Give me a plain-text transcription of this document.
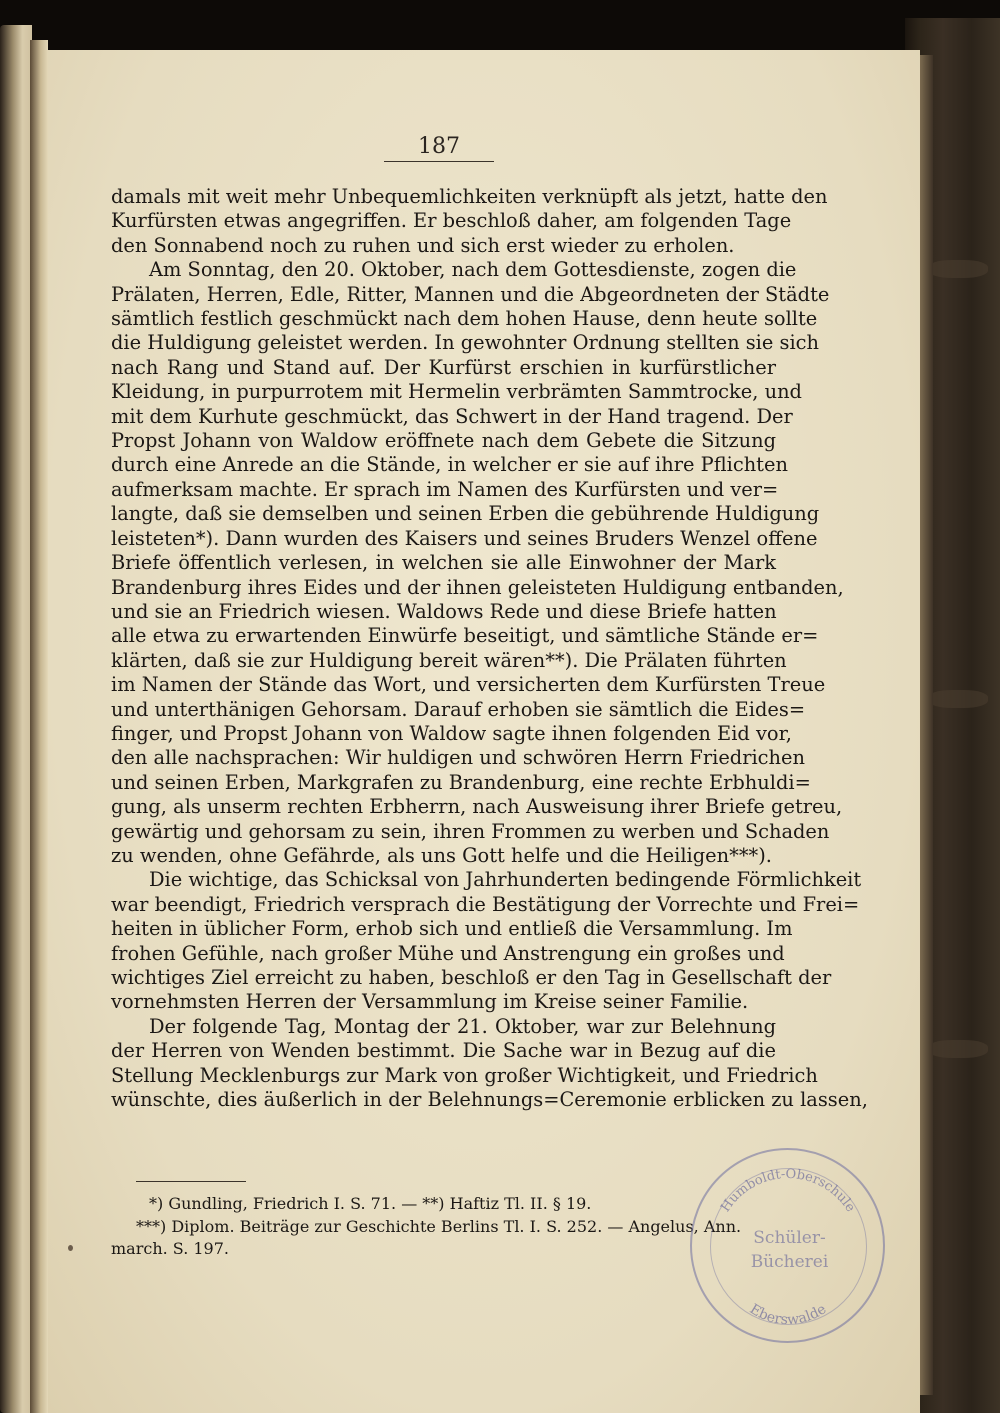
187

damals mit weit mehr Unbequemlichkeiten verknüpft als jetzt, hatte den
Kurfürsten etwas angegriffen. Er beschloß daher, am folgenden Tage
den Sonnabend noch zu ruhen und sich erst wieder zu erholen.

Am Sonntag, den 20. Oktober, nach dem Gottesdienste, zogen die
Prälaten, Herren, Edle, Ritter, Mannen und die Abgeordneten der Städte
sämtlich festlich geschmückt nach dem hohen Hause, denn heute sollte
die Huldigung geleistet werden. In gewohnter Ordnung stellten sie sich
nach Rang und Stand auf. Der Kurfürst erschien in kurfürstlicher
Kleidung, in purpurrotem mit Hermelin verbrämten Sammtrocke, und
mit dem Kurhute geschmückt, das Schwert in der Hand tragend. Der
Propst Johann von Waldow eröffnete nach dem Gebete die Sitzung
durch eine Anrede an die Stände, in welcher er sie auf ihre Pflichten
aufmerksam machte. Er sprach im Namen des Kurfürsten und ver=
langte, daß sie demselben und seinen Erben die gebührende Huldigung
leisteten*). Dann wurden des Kaisers und seines Bruders Wenzel offene
Briefe öffentlich verlesen, in welchen sie alle Einwohner der Mark
Brandenburg ihres Eides und der ihnen geleisteten Huldigung entbanden,
und sie an Friedrich wiesen. Waldows Rede und diese Briefe hatten
alle etwa zu erwartenden Einwürfe beseitigt, und sämtliche Stände er=
klärten, daß sie zur Huldigung bereit wären**). Die Prälaten führten
im Namen der Stände das Wort, und versicherten dem Kurfürsten Treue
und unterthänigen Gehorsam. Darauf erhoben sie sämtlich die Eides=
finger, und Propst Johann von Waldow sagte ihnen folgenden Eid vor,
den alle nachsprachen: Wir huldigen und schwören Herrn Friedrichen
und seinen Erben, Markgrafen zu Brandenburg, eine rechte Erbhuldi=
gung, als unserm rechten Erbherrn, nach Ausweisung ihrer Briefe getreu,
gewärtig und gehorsam zu sein, ihren Frommen zu werben und Schaden
zu wenden, ohne Gefährde, als uns Gott helfe und die Heiligen***).

Die wichtige, das Schicksal von Jahrhunderten bedingende Förmlichkeit
war beendigt, Friedrich versprach die Bestätigung der Vorrechte und Frei=
heiten in üblicher Form, erhob sich und entließ die Versammlung. Im
frohen Gefühle, nach großer Mühe und Anstrengung ein großes und
wichtiges Ziel erreicht zu haben, beschloß er den Tag in Gesellschaft der
vornehmsten Herren der Versammlung im Kreise seiner Familie.

Der folgende Tag, Montag der 21. Oktober, war zur Belehnung
der Herren von Wenden bestimmt. Die Sache war in Bezug auf die
Stellung Mecklenburgs zur Mark von großer Wichtigkeit, und Friedrich
wünschte, dies äußerlich in der Belehnungs=Ceremonie erblicken zu lassen,

*) Gundling, Friedrich I. S. 71. — **) Haftiz Tl. II. § 19.
***) Diplom. Beiträge zur Geschichte Berlins Tl. I. S. 252. — Angelus, Ann.
march. S. 197.
Humboldt-Oberschule
Eberswalde
Schüler-
Bücherei
